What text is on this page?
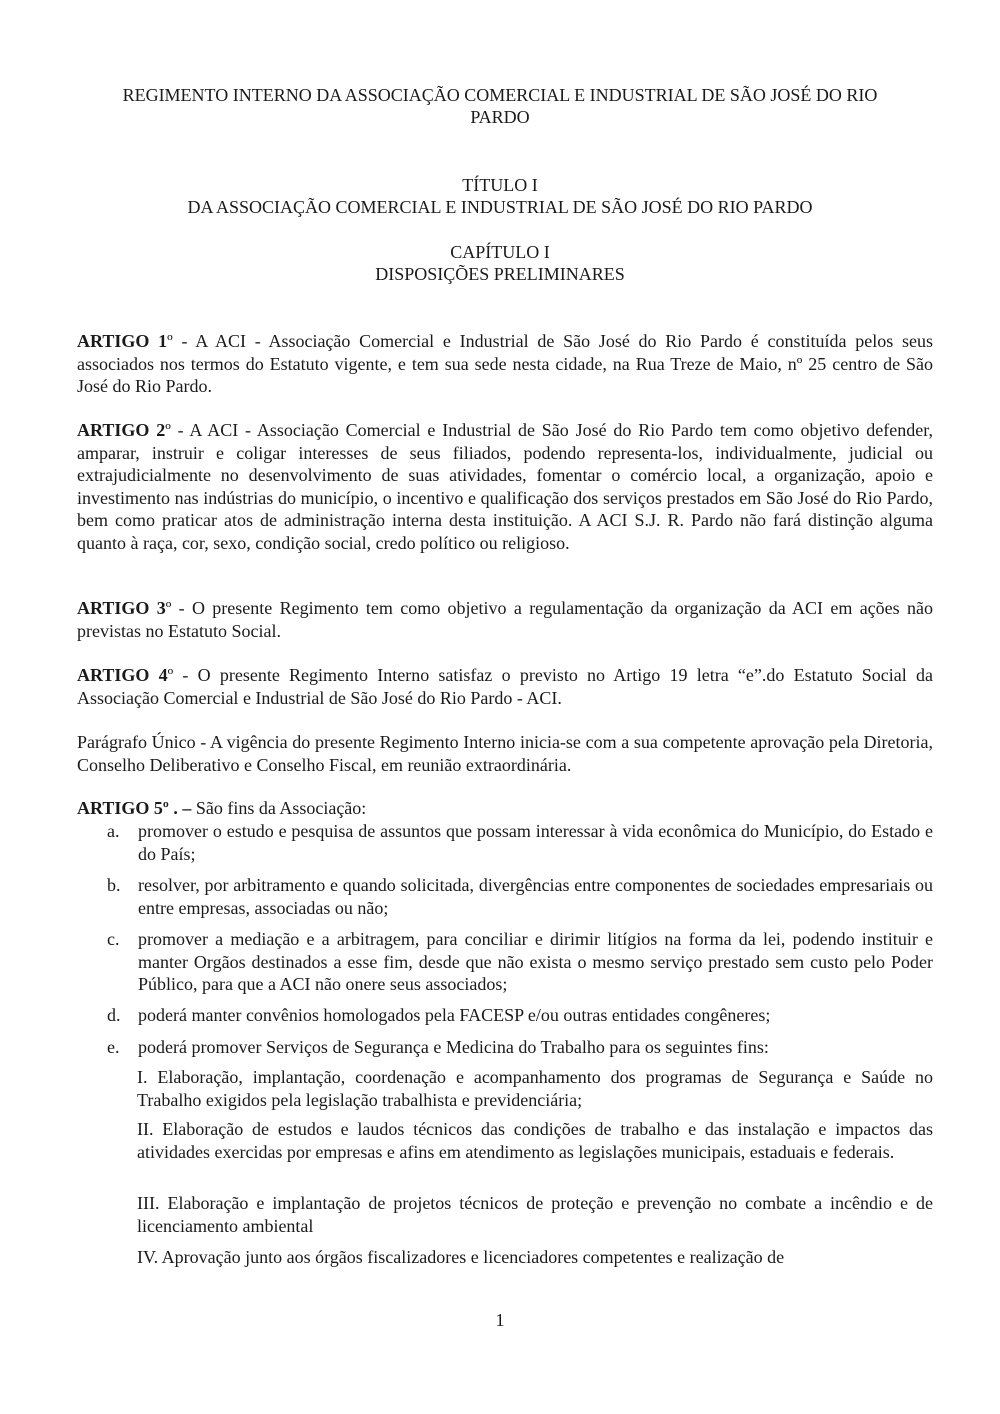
REGIMENTO INTERNO DA ASSOCIAÇÃO COMERCIAL E INDUSTRIAL DE SÃO JOSÉ DO RIO
PARDO
TÍTULO I
DA ASSOCIAÇÃO COMERCIAL E INDUSTRIAL DE SÃO JOSÉ DO RIO PARDO
CAPÍTULO I
DISPOSIÇÕES PRELIMINARES
ARTIGO 1º - A ACI - Associação Comercial e Industrial de São José do Rio Pardo é constituída pelos seus associados nos termos do Estatuto vigente, e tem sua sede nesta cidade, na Rua Treze de Maio, nº 25 centro de São José do Rio Pardo.
ARTIGO 2º - A ACI - Associação Comercial e Industrial de São José do Rio Pardo tem como objetivo defender, amparar, instruir e coligar interesses de seus filiados, podendo representa-los, individualmente, judicial ou extrajudicialmente no desenvolvimento de suas atividades, fomentar o comércio local, a organização, apoio e investimento nas indústrias do município, o incentivo e qualificação dos serviços prestados em São José do Rio Pardo, bem como praticar atos de administração interna desta instituição. A ACI S.J. R. Pardo não fará distinção alguma quanto à raça, cor, sexo, condição social, credo político ou religioso.
ARTIGO 3º - O presente Regimento tem como objetivo a regulamentação da organização da ACI em ações não previstas no Estatuto Social.
ARTIGO 4º - O presente Regimento Interno satisfaz o previsto no Artigo 19 letra “e”.do Estatuto Social da Associação Comercial e Industrial de São José do Rio Pardo - ACI.
Parágrafo Único - A vigência do presente Regimento Interno inicia-se com a sua competente aprovação pela Diretoria, Conselho Deliberativo e Conselho Fiscal, em reunião extraordinária.
ARTIGO 5º . – São fins da Associação:
a.	promover o estudo e pesquisa de assuntos que possam interessar à vida econômica do Município, do Estado e do País;
b. resolver, por arbitramento e quando solicitada, divergências entre componentes de sociedades empresariais ou entre empresas, associadas ou não;
c.	promover a mediação e a arbitragem, para conciliar e dirimir litígios na forma da lei, podendo instituir e manter Orgãos destinados a esse fim, desde que não exista o mesmo serviço prestado sem custo pelo Poder Público, para que a ACI não onere seus associados;
d. poderá manter convênios homologados pela FACESP e/ou outras entidades congêneres;
e.	poderá promover Serviços de Segurança e Medicina do Trabalho para os seguintes fins:
I. Elaboração, implantação, coordenação e acompanhamento dos programas de Segurança e Saúde no Trabalho exigidos pela legislação trabalhista e previdenciária;
II. Elaboração de estudos e laudos técnicos das condições de trabalho e das instalação e impactos das atividades exercidas por empresas e afins em atendimento as legislações municipais, estaduais e federais.
III. Elaboração e implantação de projetos técnicos de proteção e prevenção no combate a incêndio e de licenciamento ambiental
IV. Aprovação junto aos órgãos fiscalizadores e licenciadores competentes e realização de
1
